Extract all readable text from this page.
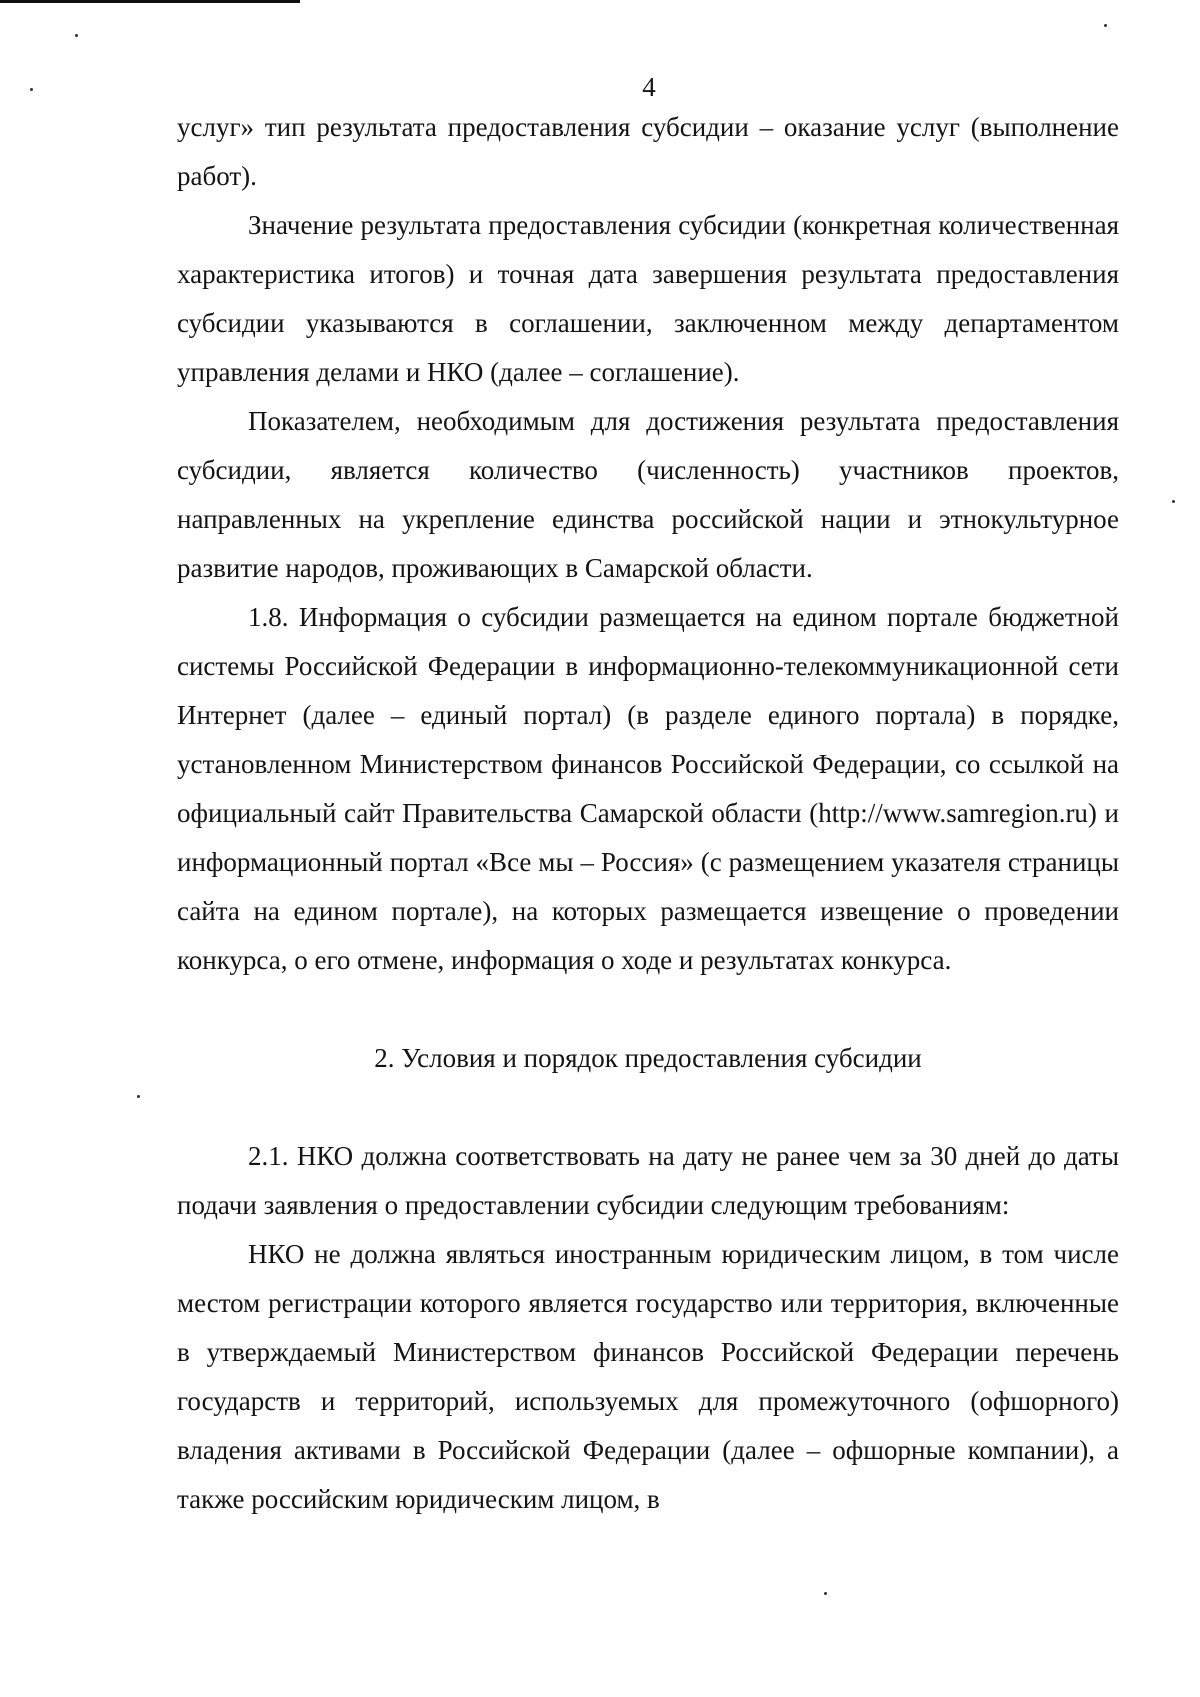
4

услуг» тип результата предоставления субсидии – оказание услуг (выполнение работ).

Значение результата предоставления субсидии (конкретная количественная характеристика итогов) и точная дата завершения результата предоставления субсидии указываются в соглашении, заключенном между департаментом управления делами и НКО (далее – соглашение).

Показателем, необходимым для достижения результата предоставления субсидии, является количество (численность) участников проектов, направленных на укрепление единства российской нации и этнокультурное развитие народов, проживающих в Самарской области.

1.8. Информация о субсидии размещается на едином портале бюджетной системы Российской Федерации в информационно-телекоммуникационной сети Интернет (далее – единый портал) (в разделе единого портала) в порядке, установленном Министерством финансов Российской Федерации, со ссылкой на официальный сайт Правительства Самарской области (http://www.samregion.ru) и информационный портал «Все мы – Россия» (с размещением указателя страницы сайта на едином портале), на которых размещается извещение о проведении конкурса, о его отмене, информация о ходе и результатах конкурса.

2. Условия и порядок предоставления субсидии

2.1. НКО должна соответствовать на дату не ранее чем за 30 дней до даты подачи заявления о предоставлении субсидии следующим требованиям:

НКО не должна являться иностранным юридическим лицом, в том числе местом регистрации которого является государство или территория, включенные в утверждаемый Министерством финансов Российской Федерации перечень государств и территорий, используемых для промежуточного (офшорного) владения активами в Российской Федерации (далее – офшорные компании), а также российским юридическим лицом, в
